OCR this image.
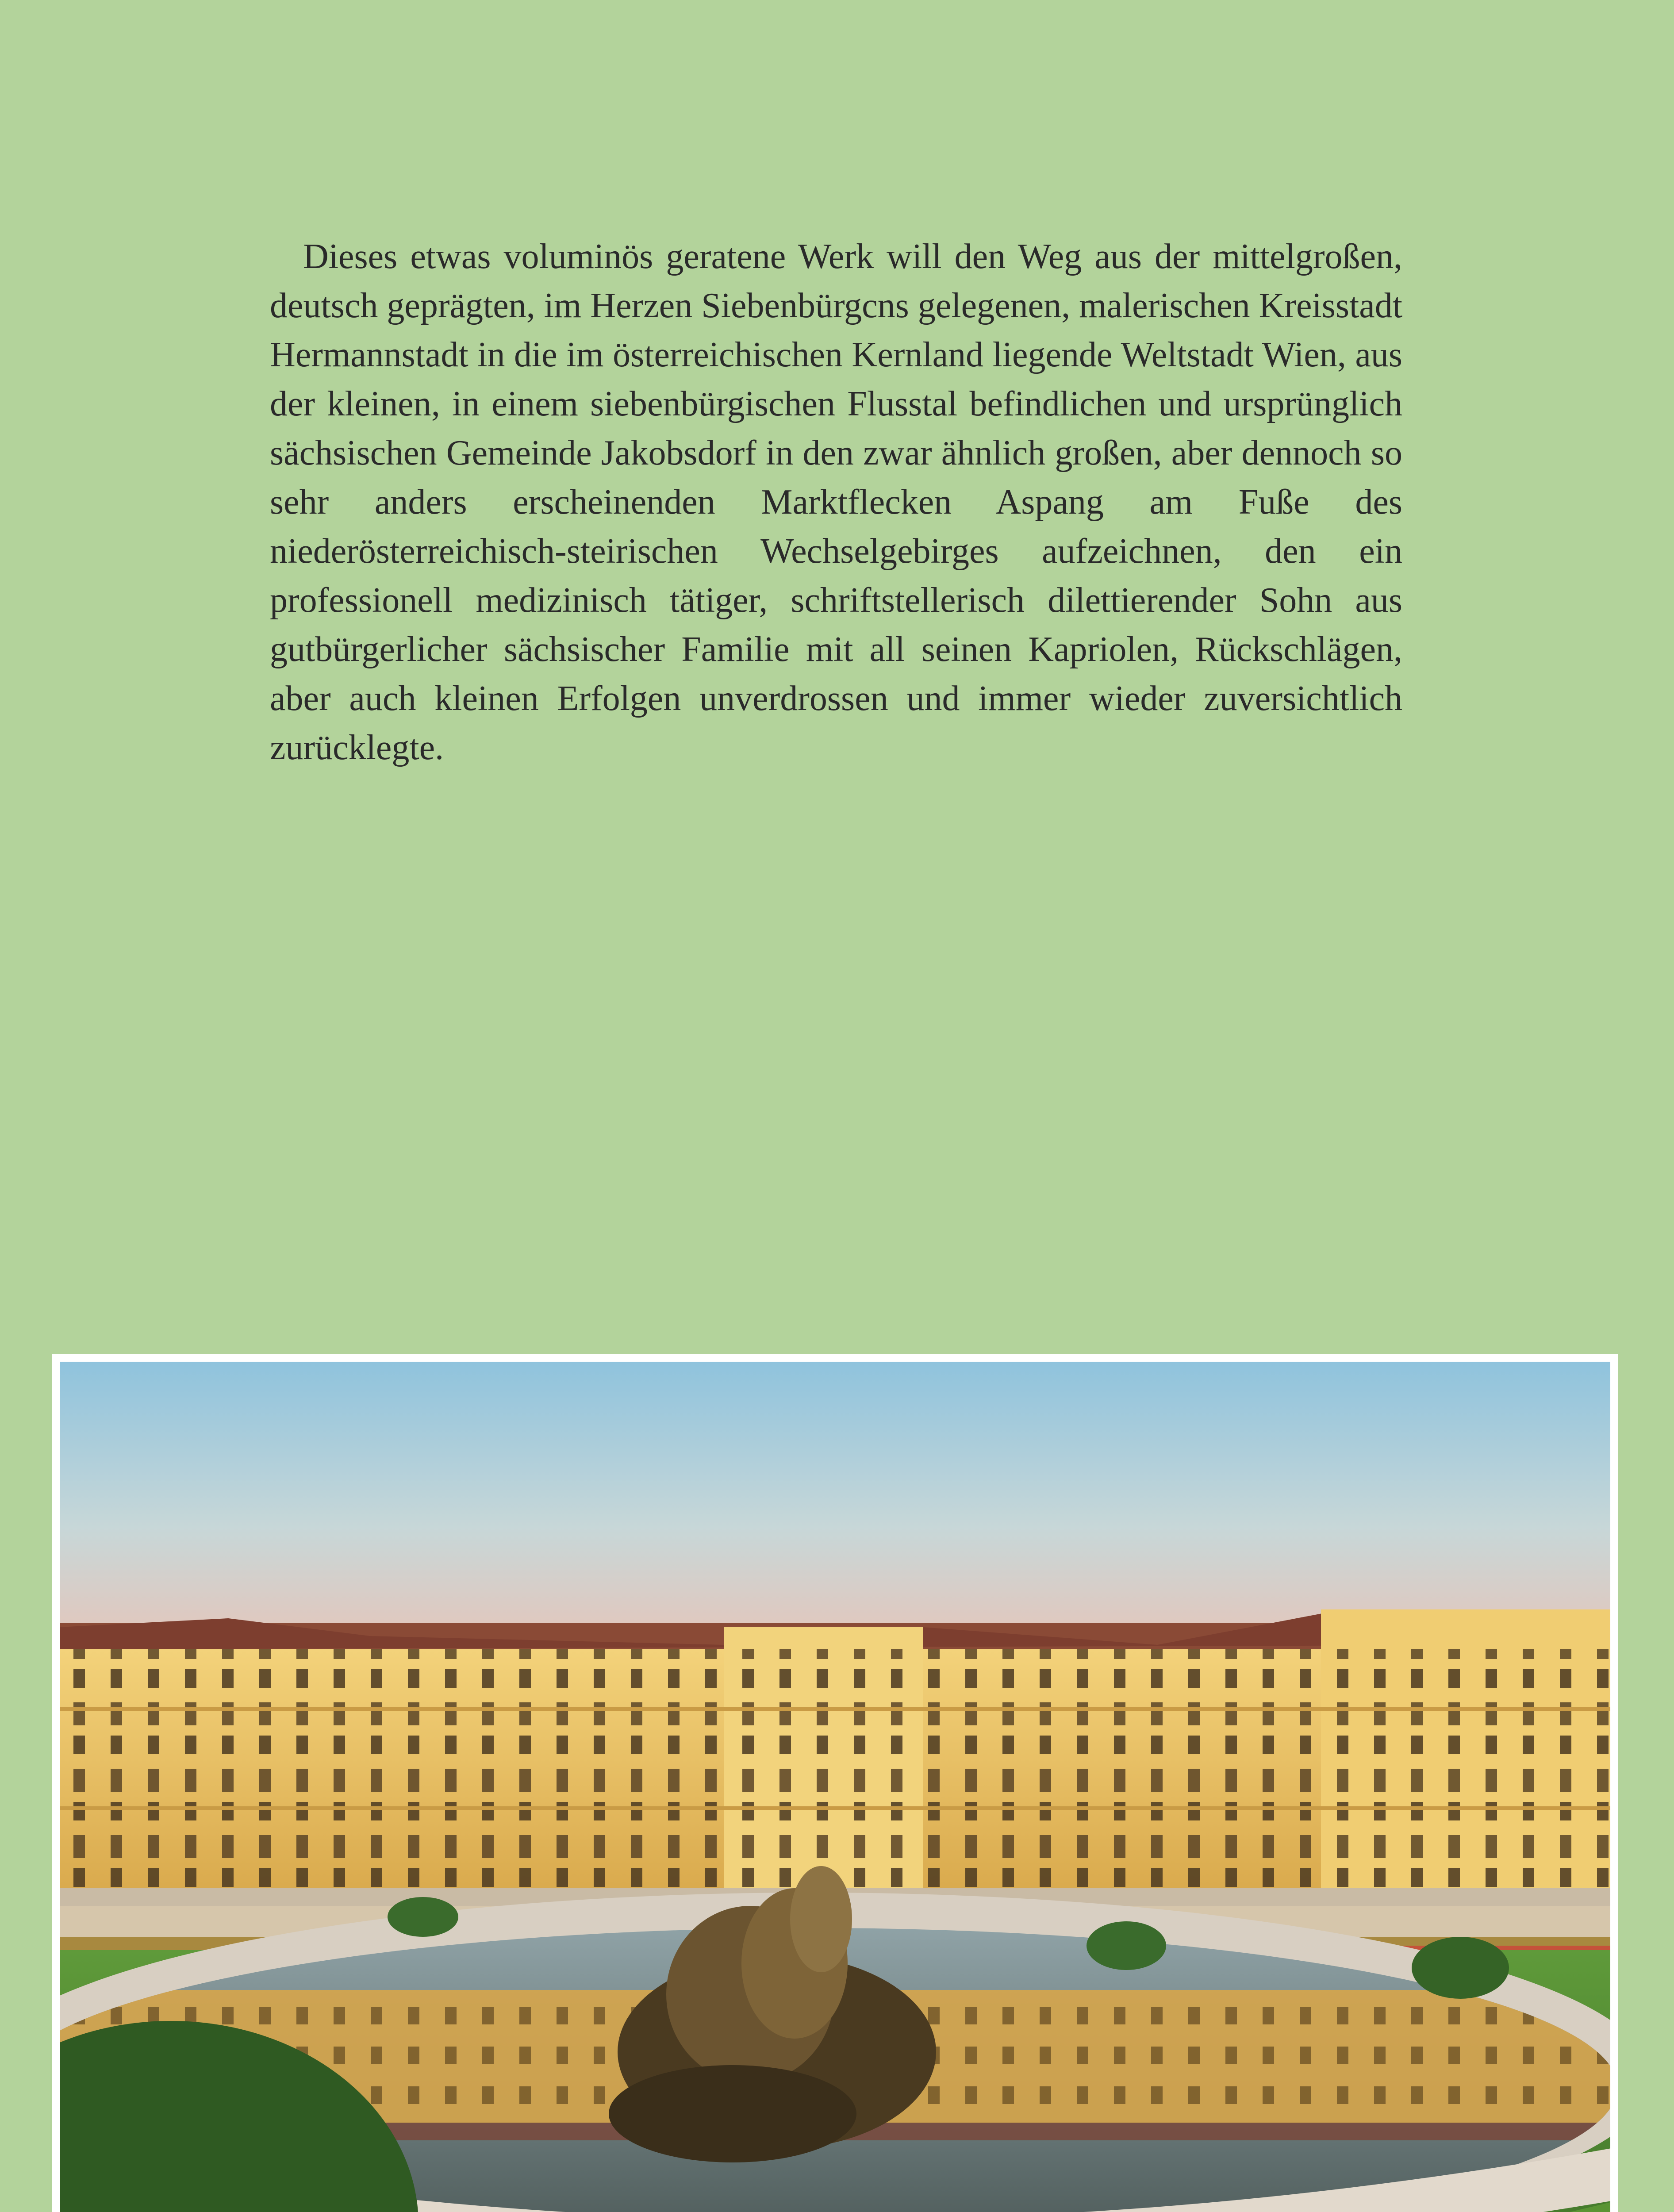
Dieses etwas voluminös geratene Werk will den Weg aus der mittelgroßen, deutsch geprägten, im Herzen Siebenbürgcns gelegenen, malerischen Kreisstadt Hermannstadt in die im österreichischen Kernland liegende Weltstadt Wien, aus der kleinen, in einem siebenbürgischen Flusstal befindlichen und ursprünglich sächsischen Gemeinde Jakobsdorf in den zwar ähnlich großen, aber dennoch so sehr anders erscheinenden Marktflecken Aspang am Fuße des niederösterreichisch-steirischen Wechselgebirges aufzeichnen, den ein professionell medizinisch tätiger, schriftstellerisch dilettierender Sohn aus gutbürgerlicher sächsischer Familie mit all seinen Kapriolen, Rückschlägen, aber auch kleinen Erfolgen unverdrossen und immer wieder zuversichtlich zurücklegte.
